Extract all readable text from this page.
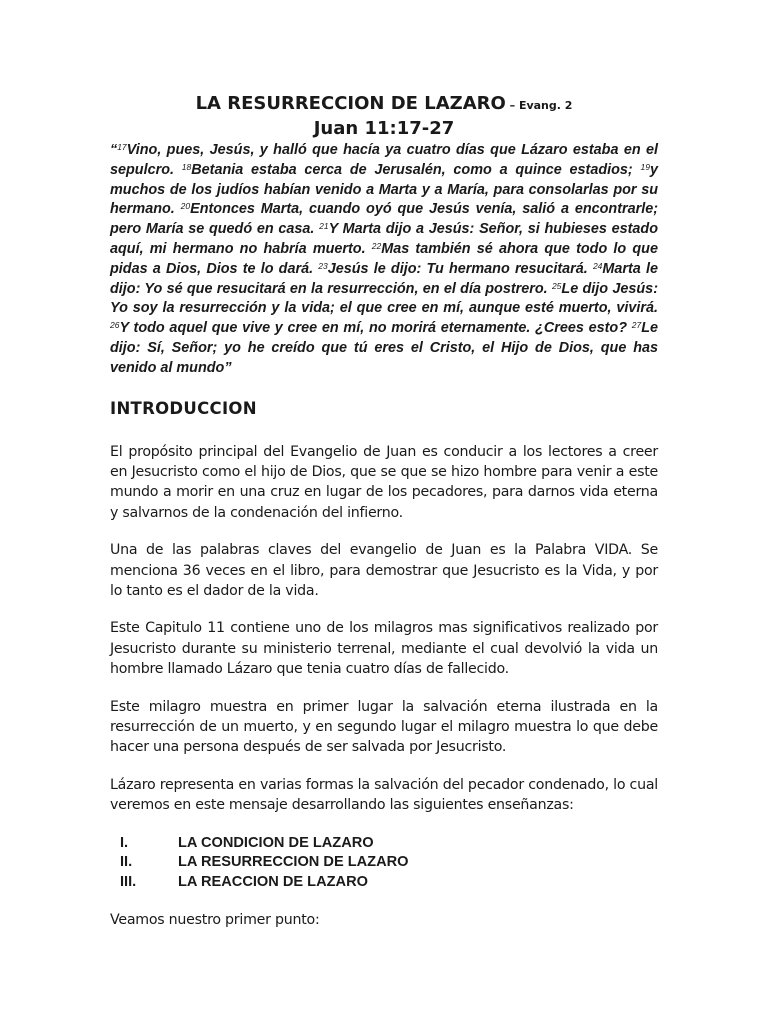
LA RESURRECCION DE LAZARO – Evang. 2
Juan 11:17-27
“$^{17}$Vino, pues, Jesús, y halló que hacía ya cuatro días que Lázaro estaba en el sepulcro. $^{18}$Betania estaba cerca de Jerusalén, como a quince estadios; $^{19}$y muchos de los judíos habían venido a Marta y a María, para consolarlas por su hermano. $^{20}$Entonces Marta, cuando oyó que Jesús venía, salió a encontrarle; pero María se quedó en casa. $^{21}$Y Marta dijo a Jesús: Señor, si hubieses estado aquí, mi hermano no habría muerto. $^{22}$Mas también sé ahora que todo lo que pidas a Dios, Dios te lo dará. $^{23}$Jesús le dijo: Tu hermano resucitará. $^{24}$Marta le dijo: Yo sé que resucitará en la resurrección, en el día postrero. $^{25}$Le dijo Jesús: Yo soy la resurrección y la vida; el que cree en mí, aunque esté muerto, vivirá. $^{26}$Y todo aquel que vive y cree en mí, no morirá eternamente. ¿Crees esto? $^{27}$Le dijo: Sí, Señor; yo he creído que tú eres el Cristo, el Hijo de Dios, que has venido al mundo”
INTRODUCCION

El propósito principal del Evangelio de Juan es conducir a los lectores a creer en Jesucristo como el hijo de Dios, que se que se hizo hombre para venir a este mundo a morir en una cruz en lugar de los pecadores, para darnos vida eterna y salvarnos de la condenación del infierno.

Una de las palabras claves del evangelio de Juan es la Palabra VIDA. Se menciona 36 veces en el libro, para demostrar que Jesucristo es la Vida, y por lo tanto es el dador de la vida.

Este Capitulo 11 contiene uno de los milagros mas significativos realizado por Jesucristo durante su ministerio terrenal, mediante el cual devolvió la vida un hombre llamado Lázaro que tenia cuatro días de fallecido.

Este milagro muestra en primer lugar la salvación eterna ilustrada en la resurrección de un muerto, y en segundo lugar el milagro muestra lo que debe hacer una persona después de ser salvada por Jesucristo.

Lázaro representa en varias formas la salvación del pecador condenado, lo cual veremos en este mensaje desarrollando las siguientes enseñanzas:

I.	LA CONDICION DE LAZARO
II.	LA RESURRECCION DE LAZARO
III.	LA REACCION DE LAZARO
Veamos nuestro primer punto:
